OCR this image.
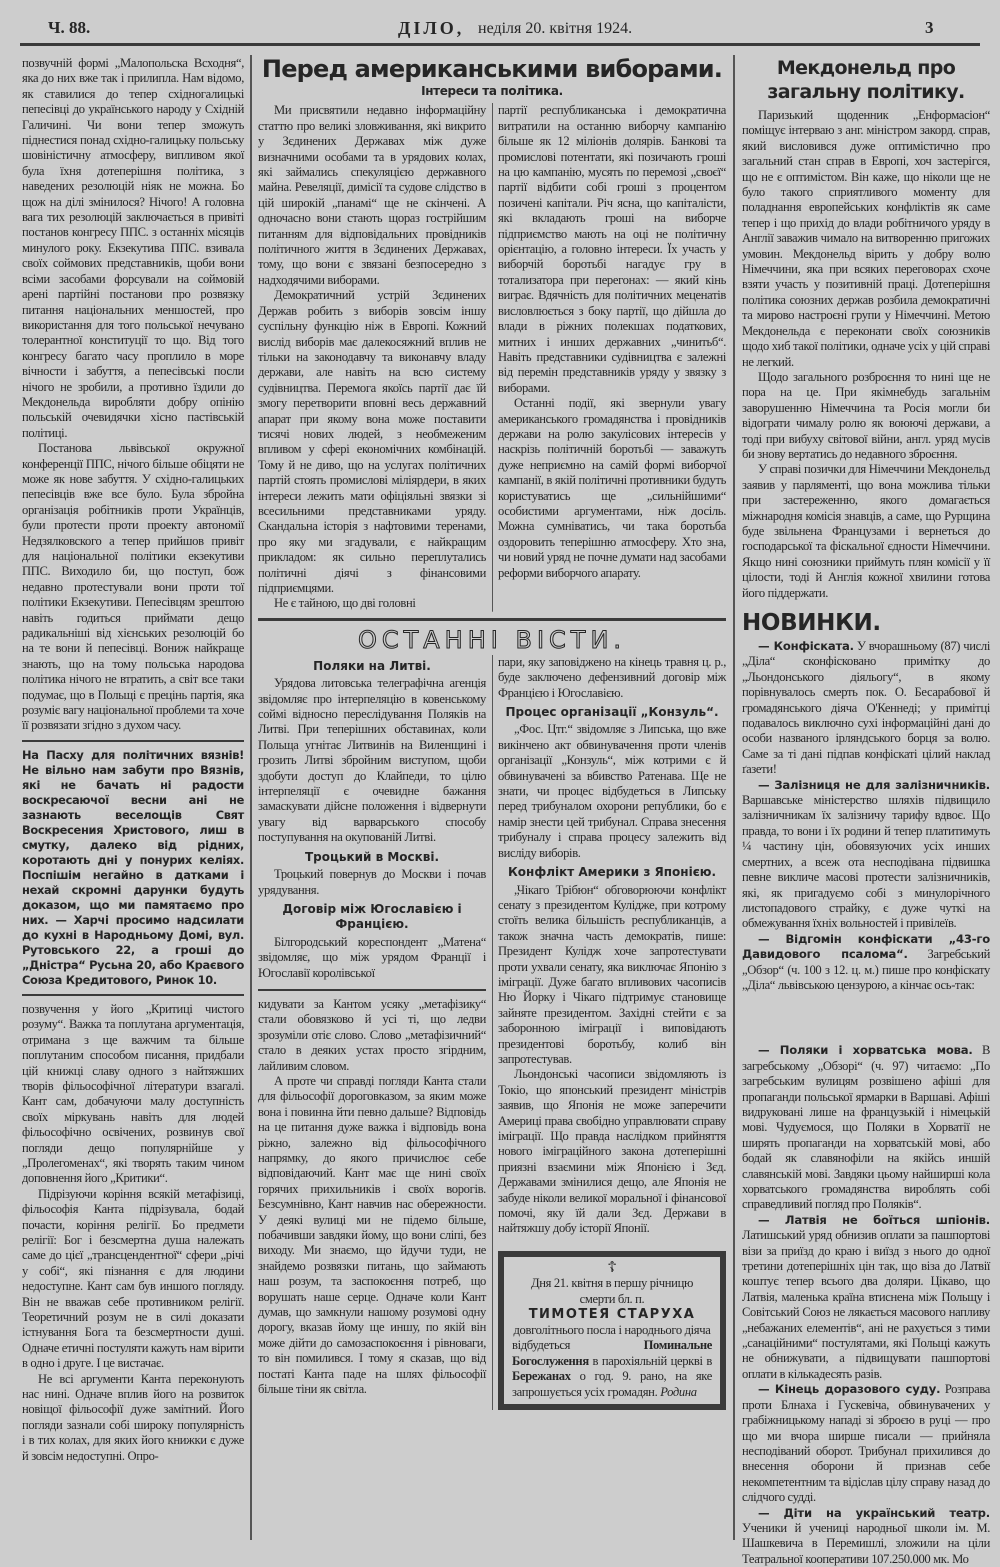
Ч. 88.	ДІЛО, неділя 20. квітня 1924.	3

позвучній формі „Малопольска Всходня“, яка до них вже так і прилипла. Нам відомо, як ставилися до тепер східногалицькі пепесівці до українського народу у Східній Галичині. Чи вони тепер зможуть піднестися понад східно-галицьку польську шовіністичну атмосферу, випливом якої була їхня дотеперішня політика, з наведених резолюцій ніяк не можна. Бо щож на ділі змінилося? Нічого! А головна вага тих резолюцій заключається в привіті постанов конгресу ППС. з останніх місяців минулого року. Екзекутива ППС. взивала своїх соймових представників, щоби вони всіми засобами форсували на соймовій арені партійні постанови про розвязку питання національних меншостей, про використання для того польської нечувано толерантної конституції то що. Від того конгресу багато часу проплило в море вічности і забуття, а пепесівські посли нічого не зробили, а противно їздили до Мекдонельда виробляти добру опінію польській очевидячки хісно пастівській політиці.

Постанова львівської окружної конференції ППС, нічого більше обіцяти не може як нове забуття. У східно-галицьких пепесівців вже все було. Була збройна організація робітників проти Українців, були протести проти проекту автономії Недзялковского а тепер прийшов привіт для національної політики екзекутиви ППС. Виходило би, що поступ, бож недавно протестували вони проти тої політики Екзекутиви. Пепесівцям зрештою навіть годиться приймати дещо радикальніші від хієнських резолюцій бо на те вони й пепесівці. Вониж найкраще знають, що на тому польська народова політика нічого не втратить, а світ все таки подумає, що в Польщі є прецінь партія, яка розуміє вагу національної проблеми та хоче її розвязати згідно з духом часу.

На Пасху для політичних вязнів! Не вільно нам забути про Вязнів, які не бачать ні радости воскресаючої весни ані не зазнають веселощів Свят Воскресения Христового, лиш в смутку, далеко від рідних, коротають дні у понурих келіях. Поспішім негайно в датками і нехай скромні дарунки будуть доказом, що ми памятаємо про них. — Харчі просимо надсилати до кухні в Народньому Домі, вул. Рутовського 22, а гроші до „Дністра“ Русьна 20, або Краєвого Союза Кредитового, Ринок 10.

позвучення у його „Критиці чистого розуму“. Важка та поплутана аргументація, отримана з ще важчим та більше поплутаним способом писання, придбали цій книжці славу одного з найтяжших творів фільософічної літератури взагалі. Кант сам, добачуючи малу доступність своїх міркувань навіть для людей фільософічно освічених, розвинув свої погляди дещо популярнійше у „Пролегоменах“, які творять таким чином доповнення його „Критики“.

Підрізуючи коріння всякій метафізиці, фільософія Канта підрізувала, бодай почасти, коріння релігії. Бо предмети релігії: Бог і безсмертна душа належать саме до цієї „трансцендентної“ сфери „річі у собі“, які пізнання є для людини недоступне. Кант сам був иншого погляду. Він не вважав себе противником релігії. Теоретичний розум не в силі доказати істнування Бога та безсмертности душі. Одначе етичні постуляти кажуть нам вірити в одно і друге. І це вистачає.

Не всі аргументи Канта переконують нас нині. Одначе вплив його на розвиток новіщої фільософії дуже замітний. Його погляди зазнали собі широку популярність і в тих колах, для яких його книжки є дуже й зовсім недоступні. Опро-

Перед американськими виборами.
Інтереси та політика.

Ми присвятили недавно інформаційну статтю про великі зловживання, які викрито у Зєдинених Державах між дуже визначними особами та в урядових колах, які займались спекуляцією державного майна. Ревеляції, димісії та судове слідство в цій широкій „панамі“ ще не скінчені. А одночасно вони стають щораз гострійшим питанням для відповідальних провідників політичного життя в Зєдинених Державах, тому, що вони є звязані безпосередно з надходячими виборами.

Демократичний устрій Зєдинених Держав робить з виборів зовсім іншу суспільну функцію ніж в Европі. Кожний вислід виборів має далекосяжний вплив не тільки на законодавчу та виконавчу владу держави, але навіть на всю систему судівництва. Перемога якоїсь партії дає їй змогу перетворити вповні весь державний апарат при якому вона може поставити тисячі нових людей, з необмеженим впливом у сфері економічних комбінацій. Тому й не диво, що на услугах політичних партій стоять промислові міліярдери, в яких інтереси лежить мати офіціяльні звязки зі всесильними представниками уряду. Скандальна історія з нафтовими теренами, про яку ми згадували, є найкращим прикладом: як сильно переплутались політичні діячі з фінансовими підприємцями.

Не є тайною, що дві головні

партії республиканська і демократична витратили на останню виборчу кампанію більше як 12 міліонів долярів. Банкові та промислові потентати, які позичають гроші на цю кампанію, мусять по перемозі „своєї“ партії відбити собі гроші з процентом позичені капітали. Річ ясна, що капіталісти, які вкладають гроші на виборче підприємство мають на оці не політичну орієнтацію, а головно інтереси. Їх участь у виборчій боротьбі нагадує гру в тотализатора при перегонах: — який кінь виграє. Вдячність для політичних меценатів висловлюється з боку партії, що дійшла до влади в ріжних полекшах податкових, митних і инших державних „чинитьб“. Навіть представники судівництва є залежні від перемін представників уряду у звязку з виборами.

Останні події, які звернули увагу американського громадянства і провідників держави на ролю закулісових інтересів у наскрізь політичній боротьбі — заважуть дуже неприємно на самій формі виборчої кампанії, в якій політичні противники будуть користуватись ще „сильнійшими“ особистими аргументами, ніж досіль. Можна сумніватись, чи така боротьба оздоровить теперішню атмосферу. Хто зна, чи новий уряд не почне думати над засобами реформи виборчого апарату.

ОСТАННІ ВІСТИ.

Поляки на Литві.

Урядова литовська телеграфічна агенція звідомляє про інтерпеляцію в ковенському соймі відносно переслідування Поляків на Литві. При теперішних обставинах, коли Польща угнітає Литвинів на Виленщині і грозить Литві збройним виступом, щоби здобути доступ до Клайпеди, то цілю інтерпеляції є очевидне бажання замаскувати дійсне положення і відвернути увагу від варварського способу поступування на окупованій Литві.

Троцький в Москві.

Троцький повернув до Москви і почав урядування.

Договір між Югославією і Францією.

Білгородський кореспондент „Матена“ звідомляє, що між урядом Франції і Югославії королівської

кидувати за Кантом усяку „метафізику“ стали обовязково й усі ті, що ледви зрозуміли отіє слово. Слово „метафізичний“ стало в деяких устах просто згірдним, лайливим словом.

А проте чи справді погляди Канта стали для фільософії дороговказом, за яким може вона і повинна йти певно дальше? Відповідь на це питання дуже важка і відповідь вона ріжно, залежно від фільософічного напрямку, до якого причислює себе відповідаючий. Кант має ще нині своїх горячих прихильників і своїх ворогів. Безсумнівно, Кант навчив нас обережности. У деякі вулиці ми не підемо більше, побачивши завдяки йому, що вони сліпі, без виходу. Ми знаємо, що йдучи туди, не знайдемо розвязки питань, що займають наш розум, та заспокоєння потреб, що ворушать наше серце. Одначе коли Кант думав, що замкнули нашому розумові одну дорогу, вказав йому ще иншу, по якій він може дійти до самозаспокоєння і рівноваги, то він помилився. І тому я сказав, що від постаті Канта паде на шлях фільософії більше тіни як світла.

пари, яку заповіджено на кінець травня ц. р., буде заключено дефензивний договір між Францією і Югославією.

Процес організації „Конзуль“.

„Фос. Цтг.“ звідомляє з Липська, що вже викінчено акт обвинувачення проти членів організації „Конзуль“, між котрими є й обвинувачені за вбивство Ратенава. Ще не знати, чи процес відбудеться в Липську перед трибуналом охорони републики, бо є намір знести цей трибунал. Справа знесення трибуналу і справа процесу залежить від висліду виборів.

Конфлікт Америки з Японією.

„Чікаго Трібюн“ обговорюючи конфлікт сенату з президентом Кулідже, при котрому стоїть велика більшість республиканців, а також значна часть демократів, пише: Президент Кулідж хоче запротестувати проти ухвали сенату, яка виключає Японію з іміграції. Дуже багато впливових часописів Ню Йорку і Чікаго підтримує становище зайняте президентом. Західні стейти є за заборонною іміграції і виповідають президентові боротьбу, колиб він запротестував.

Льондонські часописи звідомляють із Токіо, що японський президент міністрів заявив, що Японія не може заперечити Америці права свобідно управлювати справу іміграції. Що правда наслідком прийняття нового іміграційного закона дотеперішні приязні взаємини між Японією і Зєд. Державами змінилися дещо, але Японія не забуде ніколи великої моральної і фінансової помочі, яку їй дали Зєд. Держави в найтяжшу добу історії Японії.

☦
Дня 21. квітня в першу річницю смерти бл. п.
ТИМОТЕЯ СТАРУХА
довголітнього посла і народнього діяча
відбудеться	Поминальне Богослуження в парохіяльній церкві в Бережанах о год. 9. рано, на яке запрошується усіх громадян. Родина
Мекдонельд про загальну політику.

Паризький щоденник „Енформасіон“ поміщує інтерваю з анг. міністром закорд. справ, який висловився дуже оптимістично про загальний стан справ в Европі, хоч застерігся, що не є оптимістом. Він каже, що ніколи ще не було такого сприятливого моменту для поладнання европейських конфліктів як саме тепер і що прихід до влади робітничого уряду в Англії заважив чимало на витворенню пригожих умовин. Мекдонельд вірить у добру волю Німеччини, яка при всяких переговорах схоче взяти участь у позитивній праці. Дотеперішня політика союзних держав розбила демократичні та мирово настроєні групи у Німеччині. Метою Мекдонельда є переконати своїх союзників щодо хиб такої політики, одначе усіх у цій справі не легкий.

Щодо загального розброєння то нині ще не пора на це. При якімнебудь загальнім заворушенню Німеччина та Росія могли би відограти чималу ролю як воюючі держави, а тоді при вибуху світової війни, англ. уряд мусів би знову вертатись до недавного зброєння.

У справі позички для Німеччини Мекдонельд заявив у парляменті, що вона можлива тільки при застереженню, якого домагається міжнародня комісія знавців, а саме, що Рурщина буде звільнена Французами і вернеться до господарської та фіскальної єдности Німеччини. Якщо нині союзники приймуть плян комісії у її цілости, тоді й Англія кожної хвилини готова його піддержати.

НОВИНКИ.

— Конфіската. У вчорашньому (87) числі „Діла“ сконфісковано примітку до „Льондонського діяльогу“, в якому порівнувалось смерть пок. О. Бесарабової й громадянського діяча О'Кеннеді; у примітці подавалось виключно сухі інформаційні дані до особи названого ірляндського борця за волю. Саме за ті дані підпав конфіскаті цілий наклад ґазети!

— Залізниця не для залізничників. Варшавське міністерство шляхів підвищило залізничникам їх залізничу тарифу вдвоє. Що правда, то вони і їх родини й тепер платитимуть ¼ частину цін, обовязуючих усіх инших смертних, а всеж ота несподівана підвишка певне викличе масові протести залізничників, які, як пригадуємо собі з минулорічного листопадового страйку, є дуже чуткі на обмежування їхніх вольностей і привілеїв.

— Відгомін конфіскати „43-го Давидового псалома“. Загребський „Обзор“ (ч. 100 з 12. ц. м.) пише про конфіскату „Діла“ львівською цензурою, а кінчає ось-так:

— Поляки і хорватська мова. В загребському „Обзорі“ (ч. 97) читаємо: „По загребським вулицям розвішено афіші для пропаганди польської ярмарки в Варшаві. Афіші видруковані лише на французькій і німецькій мові. Чудуємося, що Поляки в Хорватії не ширять пропаганди на хорватській мові, або бодай як славянофіли на якійсь иншій славянській мові. Завдяки цьому найширші кола хорватського громадянства вироблять собі справедливий погляд про Поляків“.

— Латвія не боїться шпіонів. Латишський уряд обнизив оплати за пашпортові візи за приїзд до краю і виїзд з нього до одної третини дотеперішніх цін так, що віза до Латвії коштує тепер всього два доляри. Цікаво, що Латвія, маленька країна втиснена між Польщу і Совітський Союз не лякається масового напливу „небажаних елементів“, ані не рахується з тими „санаційними“ постулятами, які Польщі кажуть не обнижувати, а підвищувати пашпортові оплати в кількадесять разів.

— Кінець доразового суду. Розправа проти Блнаха і Гускевіча, обвинувачених у грабіжницькому нападі зі зброєю в руці — про що ми вчора ширше писали — прийняла несподіваний оборот. Трибунал прихилився до внесення оборони й признав себе некомпетентним та відіслав цілу справу назад до слідчого судді.

— Діти на український театр. Ученики й учениці народньої школи ім. М. Шашкевича в Перемишлі, зложили на ціли Театральної кооперативи 107.250.000 мк. Мо
